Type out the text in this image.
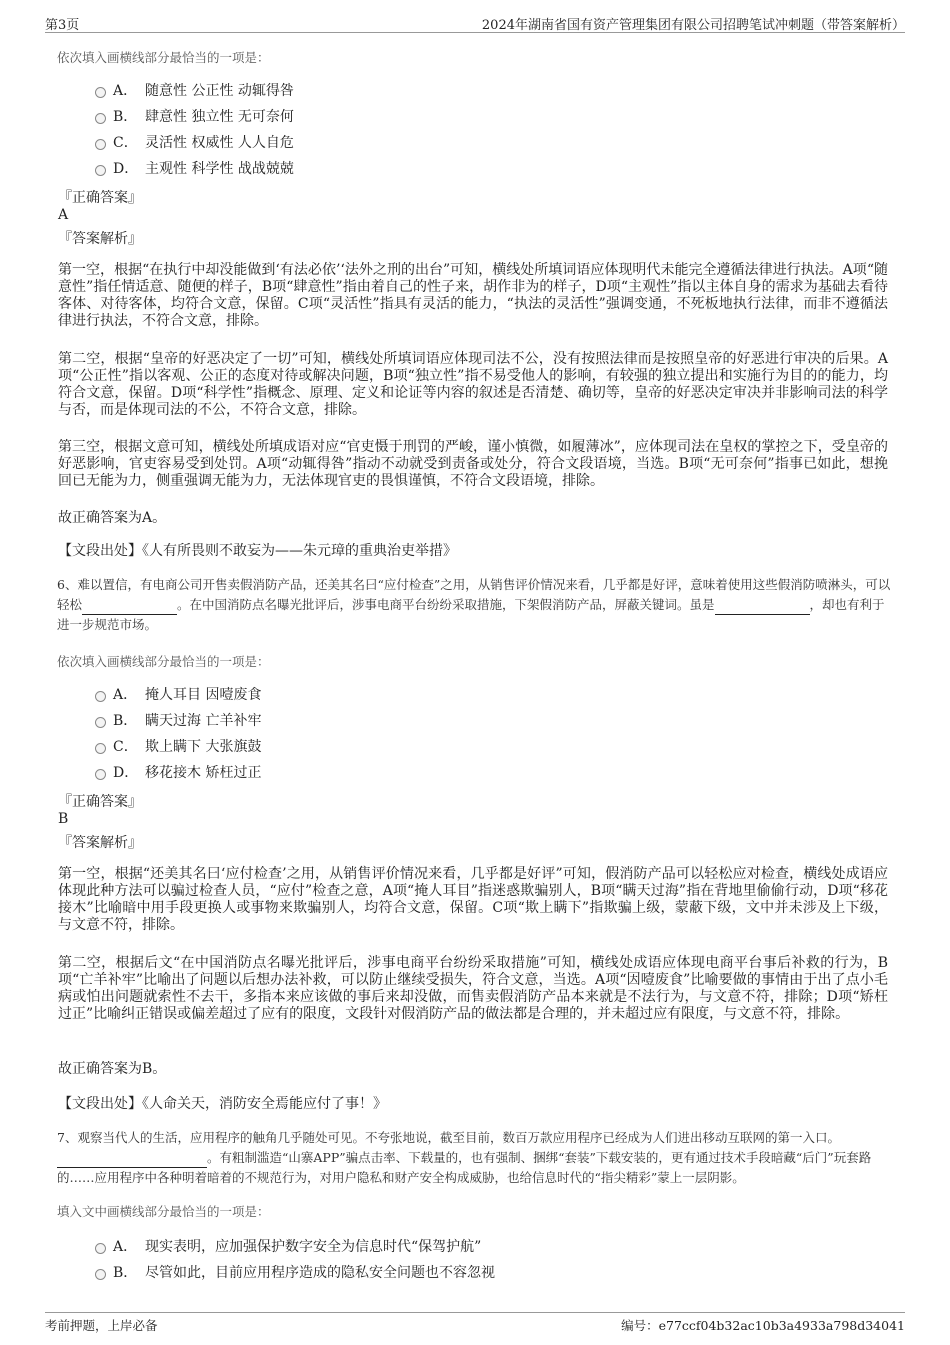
第3页	2024年湖南省国有资产管理集团有限公司招聘笔试冲刺题（带答案解析）
依次填入画横线部分最恰当的一项是：
A． 随意性 公正性 动辄得咎
B． 肆意性 独立性 无可奈何
C． 灵活性 权威性 人人自危
D． 主观性 科学性 战战兢兢
『正确答案』
A
『答案解析』
第一空，根据“在执行中却没能做到‘有法必依’‘法外之刑的出台”可知，横线处所填词语应体现明代未能完全遵循法律进行执法。A项“随意性”指任情适意、随便的样子，B项“肆意性”指由着自己的性子来，胡作非为的样子，D项“主观性”指以主体自身的需求为基础去看待客体、对待客体，均符合文意，保留。C项“灵活性”指具有灵活的能力，“执法的灵活性”强调变通，不死板地执行法律，而非不遵循法律进行执法，不符合文意，排除。
第二空，根据“皇帝的好恶决定了一切”可知，横线处所填词语应体现司法不公，没有按照法律而是按照皇帝的好恶进行审决的后果。A项“公正性”指以客观、公正的态度对待或解决问题，B项“独立性”指不易受他人的影响，有较强的独立提出和实施行为目的的能力，均符合文意，保留。D项“科学性”指概念、原理、定义和论证等内容的叙述是否清楚、确切等，皇帝的好恶决定审决并非影响司法的科学与否，而是体现司法的不公，不符合文意，排除。
第三空，根据文意可知，横线处所填成语对应“官吏慑于刑罚的严峻，谨小慎微，如履薄冰”，应体现司法在皇权的掌控之下，受皇帝的好恶影响，官吏容易受到处罚。A项“动辄得咎”指动不动就受到责备或处分，符合文段语境，当选。B项“无可奈何”指事已如此，想挽回已无能为力，侧重强调无能为力，无法体现官吏的畏惧谨慎，不符合文段语境，排除。
故正确答案为A。
【文段出处】《人有所畏则不敢妄为——朱元璋的重典治吏举措》
6、难以置信，有电商公司开售卖假消防产品，还美其名曰“应付检查”之用，从销售评价情况来看，几乎都是好评，意味着使用这些假消防喷淋头，可以轻松	。在中国消防点名曝光批评后，涉事电商平台纷纷采取措施，下架假消防产品，屏蔽关键词。虽是	，却也有利于进一步规范市场。
依次填入画横线部分最恰当的一项是：
A． 掩人耳目 因噎废食
B． 瞒天过海 亡羊补牢
C． 欺上瞒下 大张旗鼓
D． 移花接木 矫枉过正
『正确答案』
B
『答案解析』
第一空，根据“还美其名曰‘应付检查’之用，从销售评价情况来看，几乎都是好评”可知，假消防产品可以轻松应对检查，横线处成语应体现此种方法可以骗过检查人员，“应付”检查之意，A项“掩人耳目”指迷惑欺骗别人，B项“瞒天过海”指在背地里偷偷行动，D项“移花接木”比喻暗中用手段更换人或事物来欺骗别人，均符合文意，保留。C项“欺上瞒下”指欺骗上级，蒙蔽下级，文中并未涉及上下级，与文意不符，排除。
第二空，根据后文“在中国消防点名曝光批评后，涉事电商平台纷纷采取措施”可知，横线处成语应体现电商平台事后补救的行为，B项“亡羊补牢”比喻出了问题以后想办法补救，可以防止继续受损失，符合文意，当选。A项“因噎废食”比喻要做的事情由于出了点小毛病或怕出问题就索性不去干，多指本来应该做的事后来却没做，而售卖假消防产品本来就是不法行为，与文意不符，排除；D项“矫枉过正”比喻纠正错误或偏差超过了应有的限度，文段针对假消防产品的做法都是合理的，并未超过应有限度，与文意不符，排除。
故正确答案为B。
【文段出处】《人命关天，消防安全焉能应付了事！》
7、观察当代人的生活，应用程序的触角几乎随处可见。不夸张地说，截至目前，数百万款应用程序已经成为人们进出移动互联网的第一入口。。有粗制滥造“山寨APP”骗点击率、下载量的，也有强制、捆绑“套装”下载安装的，更有通过技术手段暗藏“后门”玩套路的……应用程序中各种明着暗着的不规范行为，对用户隐私和财产安全构成威胁，也给信息时代的“指尖精彩”蒙上一层阴影。
填入文中画横线部分最恰当的一项是：
A． 现实表明，应加强保护数字安全为信息时代“保驾护航”
B． 尽管如此，目前应用程序造成的隐私安全问题也不容忽视
考前押题，上岸必备	编号：e77ccf04b32ac10b3a4933a798d34041
